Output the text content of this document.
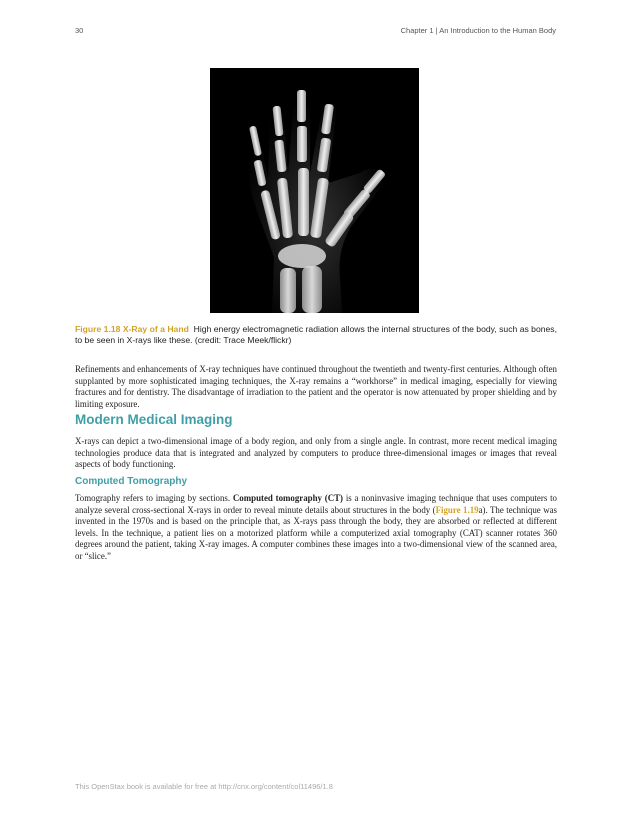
30	Chapter 1 | An Introduction to the Human Body
Figure 1.18 X-Ray of a Hand High energy electromagnetic radiation allows the internal structures of the body, such as bones, to be seen in X-rays like these. (credit: Trace Meek/flickr)
Refinements and enhancements of X-ray techniques have continued throughout the twentieth and twenty-first centuries. Although often supplanted by more sophisticated imaging techniques, the X-ray remains a “workhorse” in medical imaging, especially for viewing fractures and for dentistry. The disadvantage of irradiation to the patient and the operator is now attenuated by proper shielding and by limiting exposure.
Modern Medical Imaging
X-rays can depict a two-dimensional image of a body region, and only from a single angle. In contrast, more recent medical imaging technologies produce data that is integrated and analyzed by computers to produce three-dimensional images or images that reveal aspects of body functioning.
Computed Tomography
Tomography refers to imaging by sections. Computed tomography (CT) is a noninvasive imaging technique that uses computers to analyze several cross-sectional X-rays in order to reveal minute details about structures in the body (Figure 1.19a). The technique was invented in the 1970s and is based on the principle that, as X-rays pass through the body, they are absorbed or reflected at different levels. In the technique, a patient lies on a motorized platform while a computerized axial tomography (CAT) scanner rotates 360 degrees around the patient, taking X-ray images. A computer combines these images into a two-dimensional view of the scanned area, or “slice.”
This OpenStax book is available for free at http://cnx.org/content/col11496/1.8
